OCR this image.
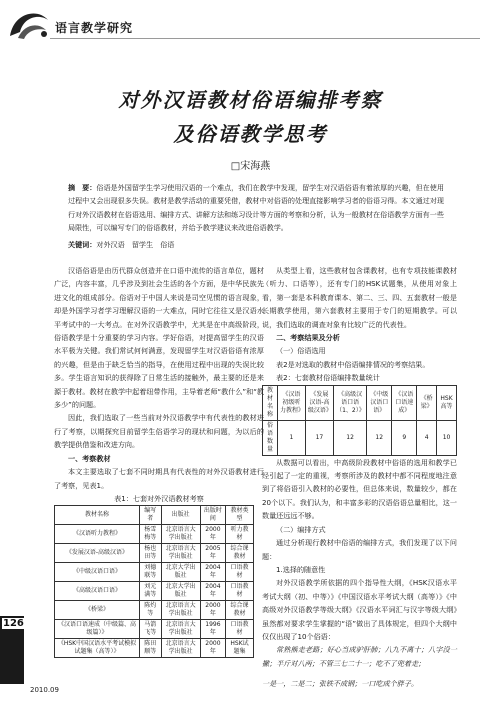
语言教学研究
对外汉语教材俗语编排考察
及俗语教学思考
□宋海燕
摘　要：俗语是外国留学生学习使用汉语的一个难点，我们在教学中发现，留学生对汉语俗语有着浓厚的兴趣，但在使用过程中又会出现很多失误。教材是教学活动的重要凭借，教材中对俗语的处理直接影响学习者的俗语习得。本文通过对现行对外汉语教材在俗语选用、编排方式、讲解方法和练习设计等方面的考察和分析，认为一般教材在俗语教学方面有一些局限性，可以编写专门的俗语教材，并给予教学建议来改进俗语教学。
关键词：对外汉语　留学生　俗语

汉语俗语是由历代群众创造并在口语中流传的语言单位，题材广泛，内容丰富，几乎涉及到社会生活的各个方面，是中华民族先进文化的组成部分。俗语对于中国人来说是司空见惯的语言现象，却是外国学习者学习理解汉语的一大难点，同时它往往又是汉语水平考试中的一大考点。在对外汉语教学中，尤其是在中高级阶段，俗语教学是十分重要的学习内容。学好俗语，对提高留学生的汉语水平极为关键。我们常试何何满意，发现留学生对汉语俗语有浓厚的兴趣，但是由于缺乏恰当的指导，在使用过程中出现的失误比较多。学生语言知识的获得除了日常生活的接触外，最主要的还是来源于教材。教材在教学中起着纽带作用，主导着老师“教什么”和“教多少”的问题。

因此，我们选取了一些当前对外汉语教学中有代表性的教材进行了考察，以期探究目前留学生俗语学习的现状和问题，为以后的教学提供借鉴和改进方向。

一、考察教材

本文主要选取了七套不同时期具有代表性的对外汉语教材进行了考察，见表1。

表1：七套对外汉语教材考察
教材名称	编写者	出版社	出版时间	教材类型
《汉语听力教程》	杨雪梅等	北京语言大学出版社	2000年	听力教材
《发展汉语-高级汉语》	杨也田等	北京语言大学出版社	2005年	综合课教材
《中级汉语口语》	刘德联等	北京大学出版社	2004年	口语教材
《高级汉语口语》	刘元满等	北京大学出版社	2004年	口语教材
《桥梁》	陈灼等	北京语言大学出版社	2000年	综合课教材
《汉语口语速成（中级篇、高级篇）》	马箭飞等	北京语言大学出版社	1996年	口语教材
《HSK中国汉语水平考试模拟试题集（高等）》	陈田顺等	北京语言大学出版社	2000年	HSK试题集

从类型上看，这些教材包含课教材，也有专项技能课教材（听力、口语等），还有专门的HSK试题集，从使用对象上看，第一套是本科教育课本、第二、三、四、五套教材一般是长期教学使用，第六套教材主要用于专门的短期教学。可以说，我们选取的调查对象有比较广泛的代表性。

二、考察结果及分析

（一）俗语选用

表2是对选取的教材中俗语编排情况的考察结果。

表2：七套教材俗语编排数量统计
教材名称	《汉语初级听力教程》	《发展汉语-高级汉语》	《高级汉语口语（1、2）》	《中级汉语口语》	《汉语口语速成》	《桥梁》	HSK高等
俗语数量	1	17	12	12	9	4	10

从数据可以看出，中高级阶段教材中俗语的选用和教学已经引起了一定的重视，考察所涉及的教材中都不同程度地注意到了将俗语引入教材的必要性，但总体来说，数量较少，都在20个以下。我们认为，和丰富多彩的汉语俗语总量相比，这一数量还远远不够。

（二）编排方式

通过分析现行教材中俗语的编排方式，我们发现了以下问题：

1.选择的随意性

对外汉语教学所依据的四个指导性大纲，《HSK汉语水平考试大纲（初、中等）》《中国汉语水平考试大纲（高等）》《中高级对外汉语教学等级大纲》《汉语水平词汇与汉字等级大纲》虽然都对要求学生掌握的“语”做出了具体规定，但四个大纲中仅仅出现了10个俗语：

常熟熊走老路；好心当成驴肝肺；八九不离十；八字没一撇；半斤对八两；不管三七二十一；吃不了兜着走；

一是一，二是二；张铁不成钢；一口吃成个胖子。

126
2010.09
